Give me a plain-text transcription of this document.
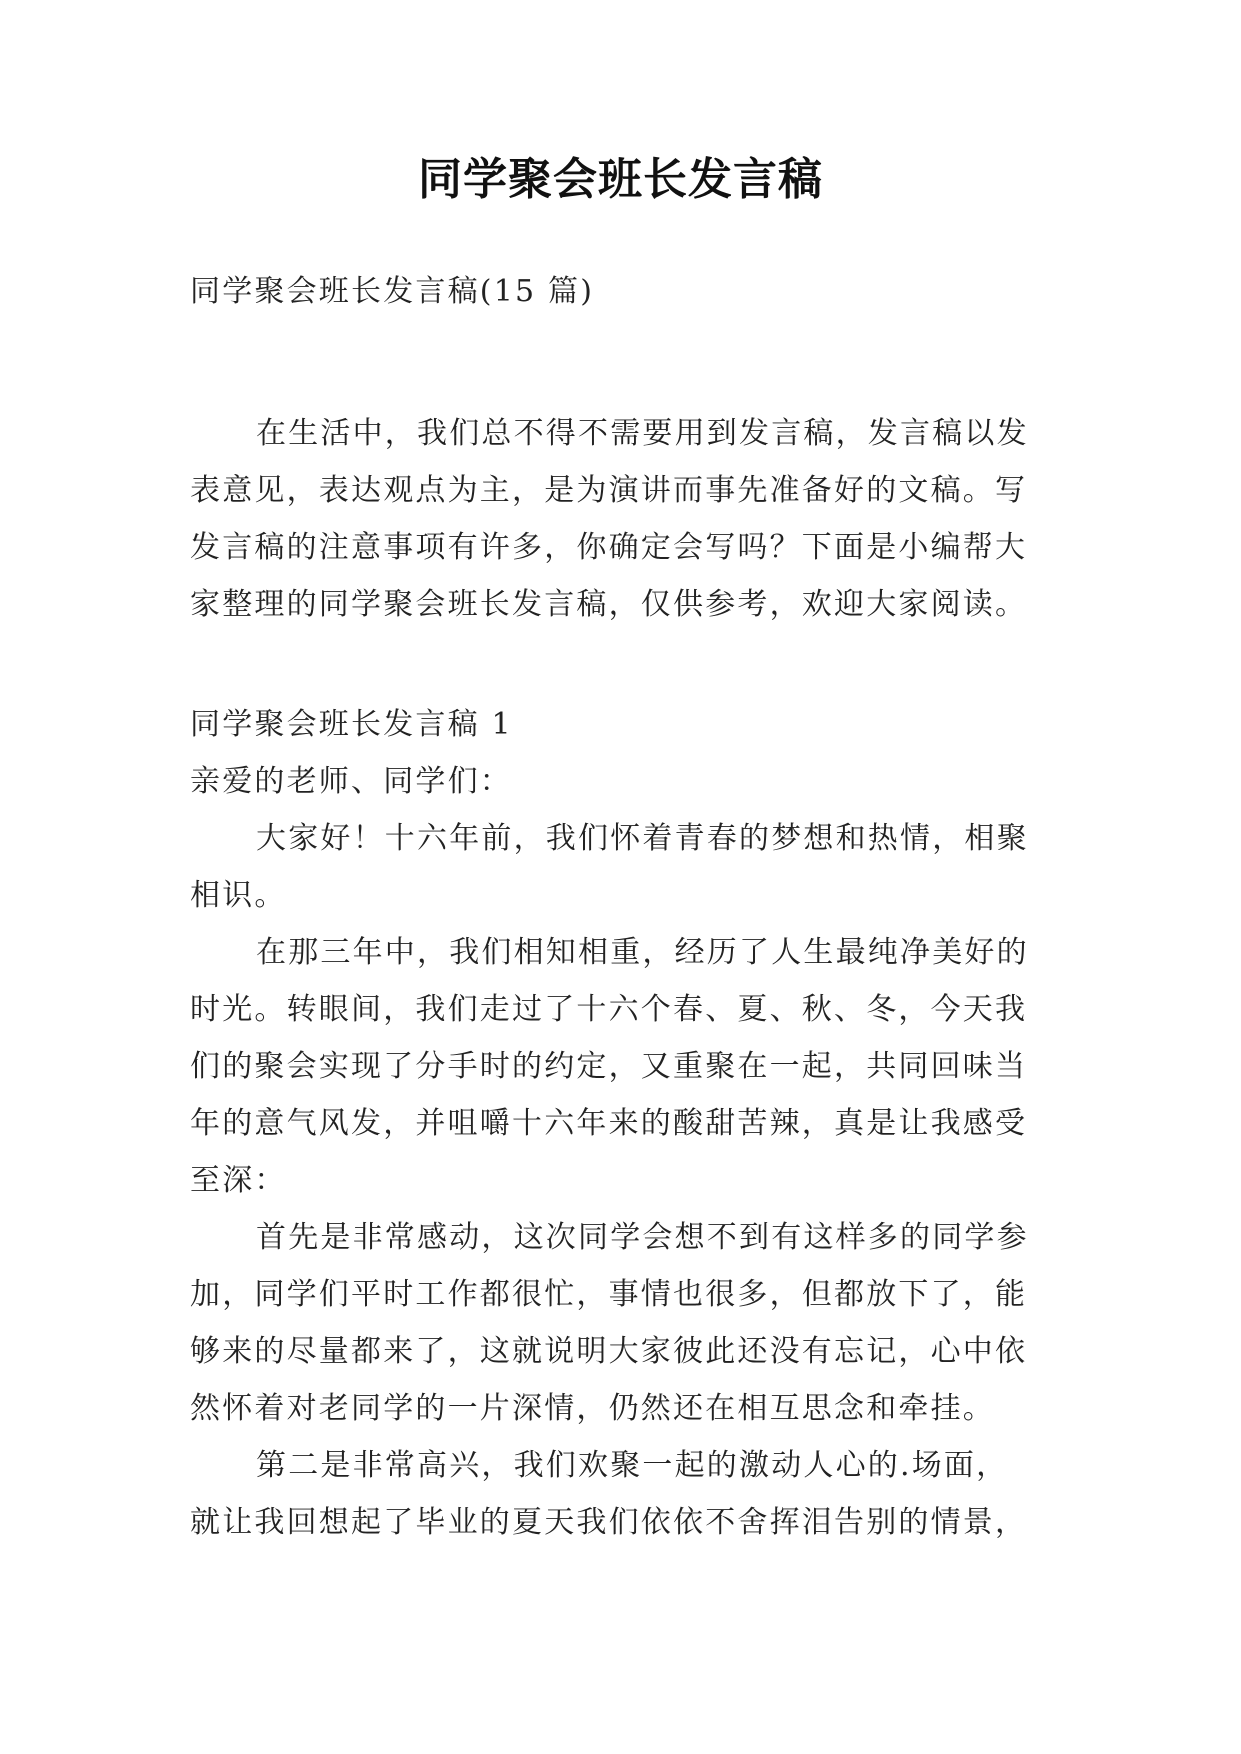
同学聚会班长发言稿
同学聚会班长发言稿(15 篇)
在生活中，我们总不得不需要用到发言稿，发言稿以发
表意见，表达观点为主，是为演讲而事先准备好的文稿。写
发言稿的注意事项有许多，你确定会写吗？下面是小编帮大
家整理的同学聚会班长发言稿，仅供参考，欢迎大家阅读。
同学聚会班长发言稿 1
亲爱的老师、同学们：
大家好！十六年前，我们怀着青春的梦想和热情，相聚
相识。
在那三年中，我们相知相重，经历了人生最纯净美好的
时光。转眼间，我们走过了十六个春、夏、秋、冬，今天我
们的聚会实现了分手时的约定，又重聚在一起，共同回味当
年的意气风发，并咀嚼十六年来的酸甜苦辣，真是让我感受
至深：
首先是非常感动，这次同学会想不到有这样多的同学参
加，同学们平时工作都很忙，事情也很多，但都放下了，能
够来的尽量都来了，这就说明大家彼此还没有忘记，心中依
然怀着对老同学的一片深情，仍然还在相互思念和牵挂。
第二是非常高兴，我们欢聚一起的激动人心的.场面，
就让我回想起了毕业的夏天我们依依不舍挥泪告别的情景，
